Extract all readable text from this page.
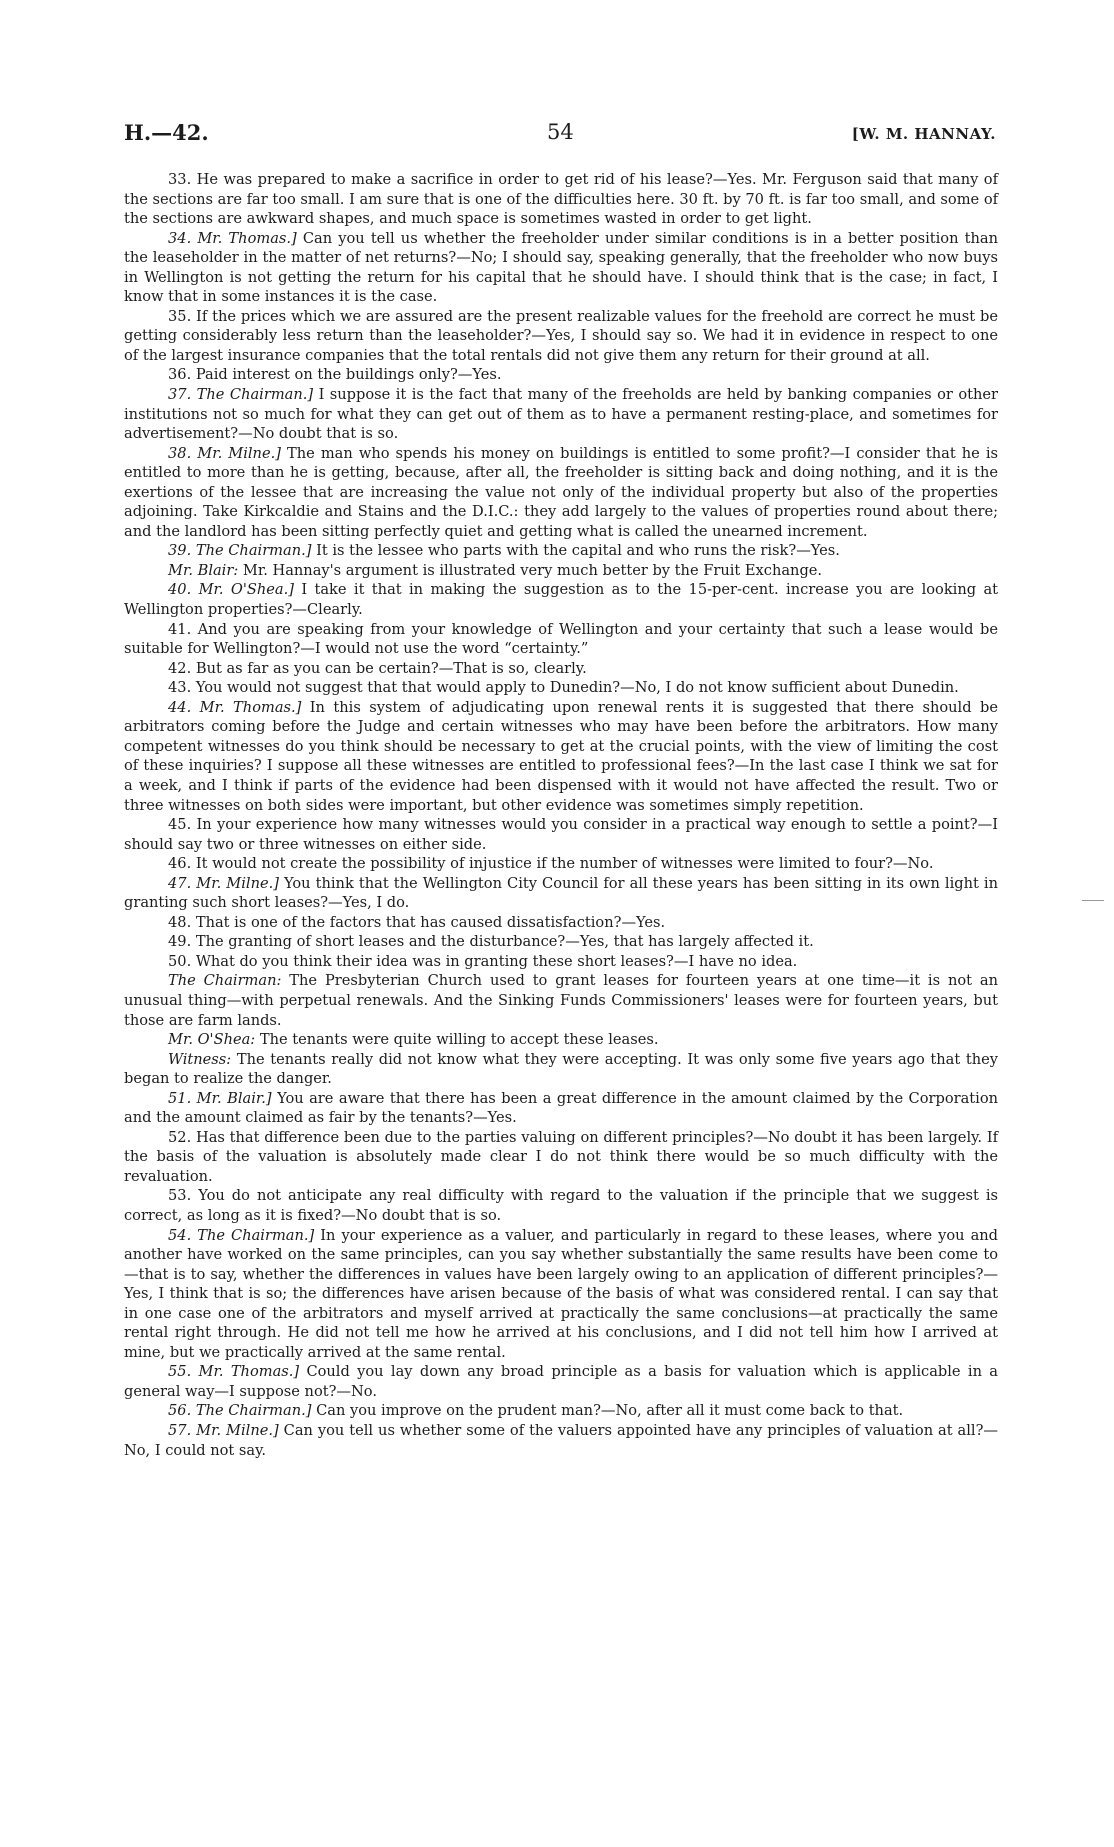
H.—42.	54	[W. M. HANNAY.

33. He was prepared to make a sacrifice in order to get rid of his lease?—Yes. Mr. Ferguson said that many of the sections are far too small. I am sure that is one of the difficulties here. 30 ft. by 70 ft. is far too small, and some of the sections are awkward shapes, and much space is sometimes wasted in order to get light.

34. Mr. Thomas.] Can you tell us whether the freeholder under similar conditions is in a better position than the leaseholder in the matter of net returns?—No; I should say, speaking generally, that the freeholder who now buys in Wellington is not getting the return for his capital that he should have. I should think that is the case; in fact, I know that in some instances it is the case.

35. If the prices which we are assured are the present realizable values for the freehold are correct he must be getting considerably less return than the leaseholder?—Yes, I should say so. We had it in evidence in respect to one of the largest insurance companies that the total rentals did not give them any return for their ground at all.

36. Paid interest on the buildings only?—Yes.

37. The Chairman.] I suppose it is the fact that many of the freeholds are held by banking companies or other institutions not so much for what they can get out of them as to have a permanent resting-place, and sometimes for advertisement?—No doubt that is so.

38. Mr. Milne.] The man who spends his money on buildings is entitled to some profit?—I consider that he is entitled to more than he is getting, because, after all, the freeholder is sitting back and doing nothing, and it is the exertions of the lessee that are increasing the value not only of the individual property but also of the properties adjoining. Take Kirkcaldie and Stains and the D.I.C.: they add largely to the values of properties round about there; and the landlord has been sitting perfectly quiet and getting what is called the unearned increment.

39. The Chairman.] It is the lessee who parts with the capital and who runs the risk?—Yes.

Mr. Blair: Mr. Hannay's argument is illustrated very much better by the Fruit Exchange.

40. Mr. O'Shea.] I take it that in making the suggestion as to the 15-per-cent. increase you are looking at Wellington properties?—Clearly.

41. And you are speaking from your knowledge of Wellington and your certainty that such a lease would be suitable for Wellington?—I would not use the word “certainty.”

42. But as far as you can be certain?—That is so, clearly.

43. You would not suggest that that would apply to Dunedin?—No, I do not know sufficient about Dunedin.

44. Mr. Thomas.] In this system of adjudicating upon renewal rents it is suggested that there should be arbitrators coming before the Judge and certain witnesses who may have been before the arbitrators. How many competent witnesses do you think should be necessary to get at the crucial points, with the view of limiting the cost of these inquiries? I suppose all these witnesses are entitled to professional fees?—In the last case I think we sat for a week, and I think if parts of the evidence had been dispensed with it would not have affected the result. Two or three witnesses on both sides were important, but other evidence was sometimes simply repetition.

45. In your experience how many witnesses would you consider in a practical way enough to settle a point?—I should say two or three witnesses on either side.

46. It would not create the possibility of injustice if the number of witnesses were limited to four?—No.

47. Mr. Milne.] You think that the Wellington City Council for all these years has been sitting in its own light in granting such short leases?—Yes, I do.

48. That is one of the factors that has caused dissatisfaction?—Yes.

49. The granting of short leases and the disturbance?—Yes, that has largely affected it.

50. What do you think their idea was in granting these short leases?—I have no idea.

The Chairman: The Presbyterian Church used to grant leases for fourteen years at one time—it is not an unusual thing—with perpetual renewals. And the Sinking Funds Commissioners' leases were for fourteen years, but those are farm lands.

Mr. O'Shea: The tenants were quite willing to accept these leases.

Witness: The tenants really did not know what they were accepting. It was only some five years ago that they began to realize the danger.

51. Mr. Blair.] You are aware that there has been a great difference in the amount claimed by the Corporation and the amount claimed as fair by the tenants?—Yes.

52. Has that difference been due to the parties valuing on different principles?—No doubt it has been largely. If the basis of the valuation is absolutely made clear I do not think there would be so much difficulty with the revaluation.

53. You do not anticipate any real difficulty with regard to the valuation if the principle that we suggest is correct, as long as it is fixed?—No doubt that is so.

54. The Chairman.] In your experience as a valuer, and particularly in regard to these leases, where you and another have worked on the same principles, can you say whether substantially the same results have been come to—that is to say, whether the differences in values have been largely owing to an application of different principles?—Yes, I think that is so; the differences have arisen because of the basis of what was considered rental. I can say that in one case one of the arbitrators and myself arrived at practically the same conclusions—at practically the same rental right through. He did not tell me how he arrived at his conclusions, and I did not tell him how I arrived at mine, but we practically arrived at the same rental.

55. Mr. Thomas.] Could you lay down any broad principle as a basis for valuation which is applicable in a general way—I suppose not?—No.

56. The Chairman.] Can you improve on the prudent man?—No, after all it must come back to that.

57. Mr. Milne.] Can you tell us whether some of the valuers appointed have any principles of valuation at all?—No, I could not say.
